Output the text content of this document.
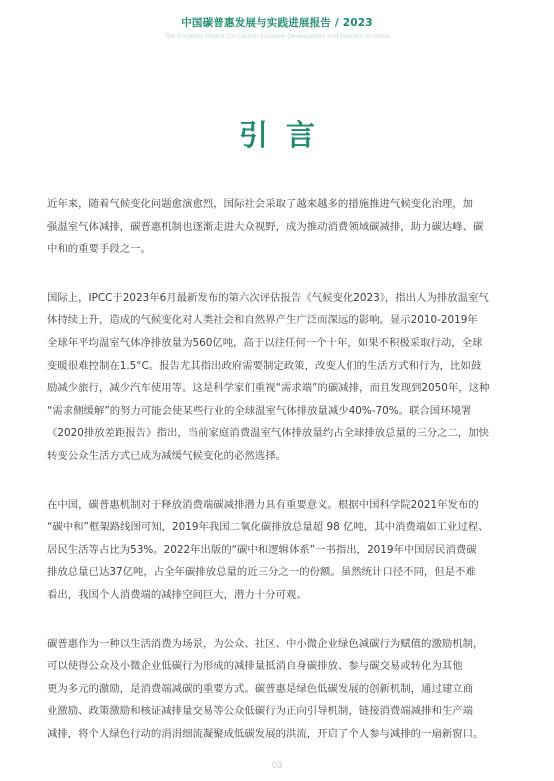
中国碳普惠发展与实践进展报告 / 2023
The Progress Report On Carbon Inclusive Development And Practice In China
引言
近年来，随着气候变化问题愈演愈烈，国际社会采取了越来越多的措施推进气候变化治理，加
强温室气体减排，碳普惠机制也逐渐走进大众视野，成为推动消费领域碳减排，助力碳达峰、碳
中和的重要手段之一。
国际上，IPCC于2023年6月最新发布的第六次评估报告《气候变化2023》，指出人为排放温室气
体持续上升，造成的气候变化对人类社会和自然界产生广泛而深远的影响。显示2010-2019年
全球年平均温室气体净排放量为560亿吨，高于以往任何一个十年，如果不积极采取行动，全球
变暖很难控制在1.5°C。报告尤其指出政府需要制定政策，改变人们的生活方式和行为，比如鼓
励减少旅行，减少汽车使用等。这是科学家们重视“需求端”的碳减排，而且发现到2050年，这种
“需求侧缓解”的努力可能会使某些行业的全球温室气体排放量减少40%-70%。联合国环境署
《2020排放差距报告》指出，当前家庭消费温室气体排放量约占全球排放总量的三分之二，加快
转变公众生活方式已成为减缓气候变化的必然选择。
在中国，碳普惠机制对于释放消费端碳减排潜力具有重要意义。根据中国科学院2021年发布的
“碳中和”框架路线图可知，2019年我国二氧化碳排放总量超 98 亿吨，其中消费端如工业过程、
居民生活等占比为53%。2022年出版的“碳中和逻辑体系”一书指出，2019年中国居民消费碳
排放总量已达37亿吨，占全年碳排放总量的近三分之一的份额。虽然统计口径不同，但是不难
看出，我国个人消费端的减排空间巨大，潜力十分可观。
碳普惠作为一种以生活消费为场景，为公众、社区、中小微企业绿色减碳行为赋值的激励机制，
可以使得公众及小微企业低碳行为形成的减排量抵消自身碳排放、参与碳交易或转化为其他
更为多元的激励，是消费端减碳的重要方式。碳普惠是绿色低碳发展的创新机制，通过建立商
业激励、政策激励和核证减排量交易等公众低碳行为正向引导机制，链接消费端减排和生产端
减排，将个人绿色行动的涓涓细流凝聚成低碳发展的洪流，开启了个人参与减排的一扇新窗口。
03
